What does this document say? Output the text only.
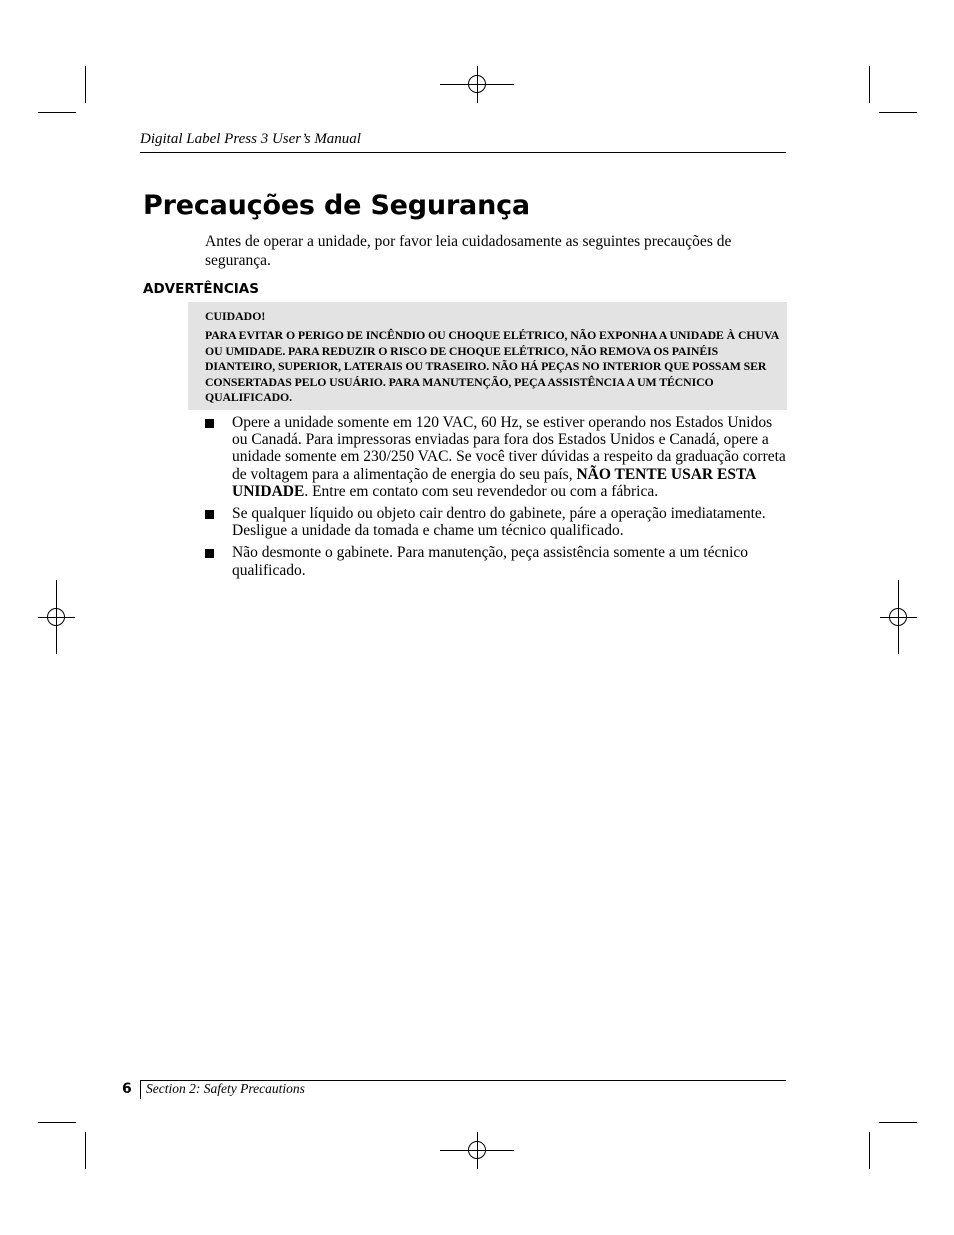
Digital Label Press 3 User’s Manual
Precauções de Segurança

Antes de operar a unidade, por favor leia cuidadosamente as seguintes precauções de segurança.

ADVERTÊNCIAS

CUIDADO!

PARA EVITAR O PERIGO DE INCÊNDIO OU CHOQUE ELÉTRICO, NÃO EXPONHA A UNIDADE À CHUVA OU UMIDADE. PARA REDUZIR O RISCO DE CHOQUE ELÉTRICO, NÃO REMOVA OS PAINÉIS DIANTEIRO, SUPERIOR, LATERAIS OU TRASEIRO. NÃO HÁ PEÇAS NO INTERIOR QUE POSSAM SER CONSERTADAS PELO USUÁRIO. PARA MANUTENÇÃO, PEÇA ASSISTÊNCIA A UM TÉCNICO QUALIFICADO.

Opere a unidade somente em 120 VAC, 60 Hz, se estiver operando nos Estados Unidos ou Canadá. Para impressoras enviadas para fora dos Estados Unidos e Canadá, opere a unidade somente em 230/250 VAC. Se você tiver dúvidas a respeito da graduação correta de voltagem para a alimentação de energia do seu país, NÃO TENTE USAR ESTA UNIDADE. Entre em contato com seu revendedor ou com a fábrica.
Se qualquer líquido ou objeto cair dentro do gabinete, páre a operação imediatamente. Desligue a unidade da tomada e chame um técnico qualificado.
Não desmonte o gabinete. Para manutenção, peça assistência somente a um técnico qualificado.
6 Section 2: Safety Precautions
